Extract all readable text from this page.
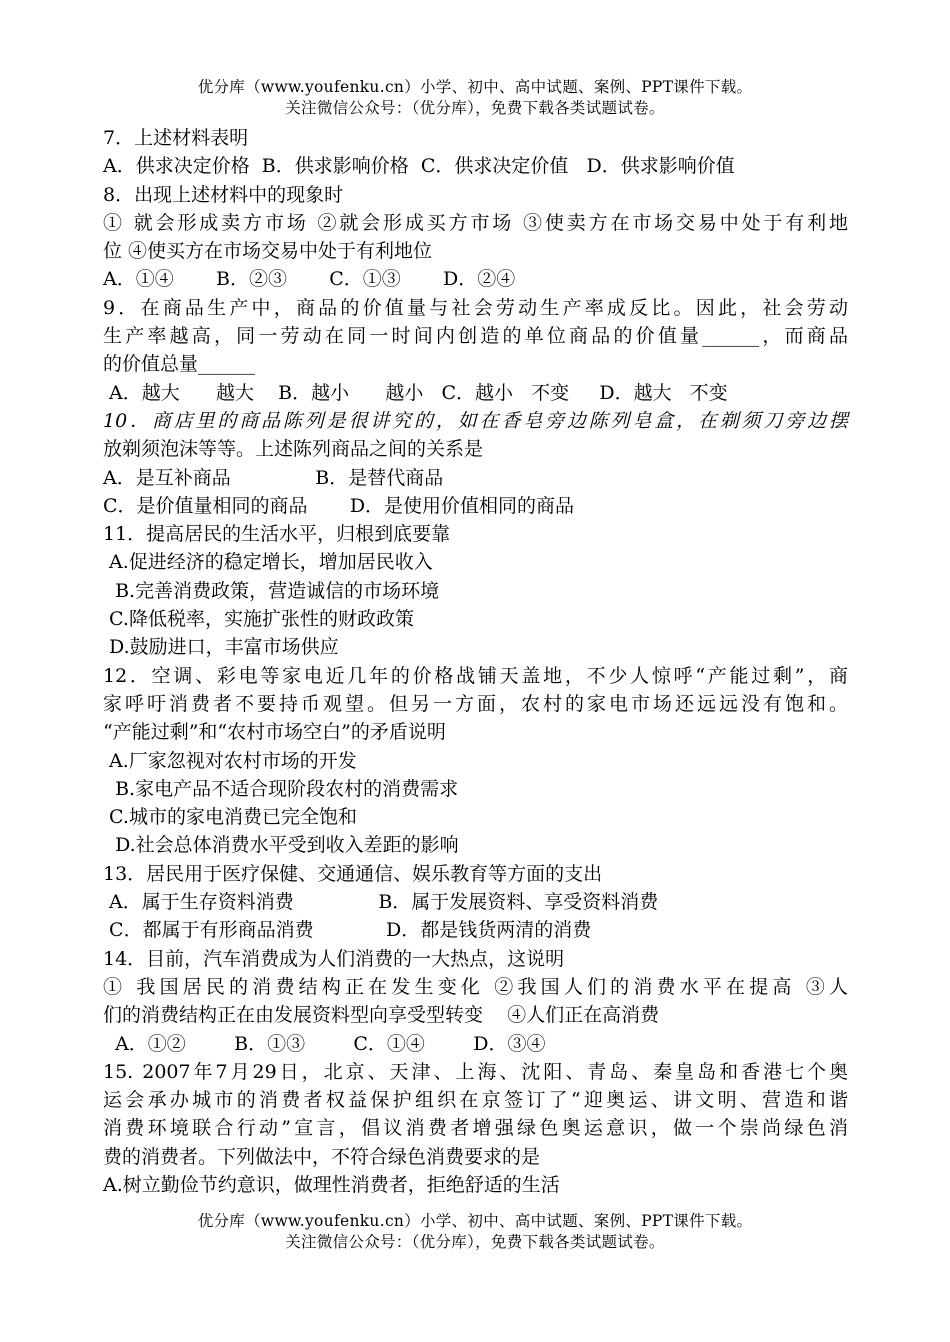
优分库（www.youfenku.cn）小学、初中、高中试题、案例、PPT课件下载。
关注微信公众号：（优分库），免费下载各类试题试卷。
7．上述材料表明
A．供求决定价格  B．供求影响价格  C．供求决定价值   D．供求影响价值
8．出现上述材料中的现象时
① 就会形成卖方市场 ②就会形成买方市场 ③使卖方在市场交易中处于有利地
位 ④使买方在市场交易中处于有利地位
A．①④       B．②③       C．①③       D．②④
9．在商品生产中，商品的价值量与社会劳动生产率成反比。因此，社会劳动
生产率越高，同一劳动在同一时间内创造的单位商品的价值量______，而商品
的价值总量______
A．越大      越大    B．越小      越小   C．越小   不变     D．越大   不变
10．商店里的商品陈列是很讲究的，如在香皂旁边陈列皂盒，在剃须刀旁边摆
放剃须泡沫等等。上述陈列商品之间的关系是
A．是互补商品              B．是替代商品
C．是价值量相同的商品       D．是使用价值相同的商品
11．提高居民的生活水平，归根到底要靠
A.促进经济的稳定增长，增加居民收入
B.完善消费政策，营造诚信的市场环境
C.降低税率，实施扩张性的财政政策
D.鼓励进口，丰富市场供应
12．空调、彩电等家电近几年的价格战铺天盖地，不少人惊呼“产能过剩”，商
家呼吁消费者不要持币观望。但另一方面，农村的家电市场还远远没有饱和。
“产能过剩”和“农村市场空白”的矛盾说明
A.厂家忽视对农村市场的开发
B.家电产品不适合现阶段农村的消费需求
C.城市的家电消费已完全饱和
D.社会总体消费水平受到收入差距的影响
13．居民用于医疗保健、交通通信、娱乐教育等方面的支出
A．属于生存资料消费              B．属于发展资料、享受资料消费
C．都属于有形商品消费            D．都是钱货两清的消费
14．目前，汽车消费成为人们消费的一大热点，这说明
① 我国居民的消费结构正在发生变化 ②我国人们的消费水平在提高 ③人
们的消费结构正在由发展资料型向享受型转变    ④人们正在高消费
A．①②        B．①③        C．①④        D．③④
15. 2007年7月29日，北京、天津、上海、沈阳、青岛、秦皇岛和香港七个奥
运会承办城市的消费者权益保护组织在京签订了“迎奥运、讲文明、营造和谐
消费环境联合行动”宣言，倡议消费者增强绿色奥运意识，做一个崇尚绿色消
费的消费者。下列做法中，不符合绿色消费要求的是
A.树立勤俭节约意识，做理性消费者，拒绝舒适的生活
优分库（www.youfenku.cn）小学、初中、高中试题、案例、PPT课件下载。
关注微信公众号：（优分库），免费下载各类试题试卷。
